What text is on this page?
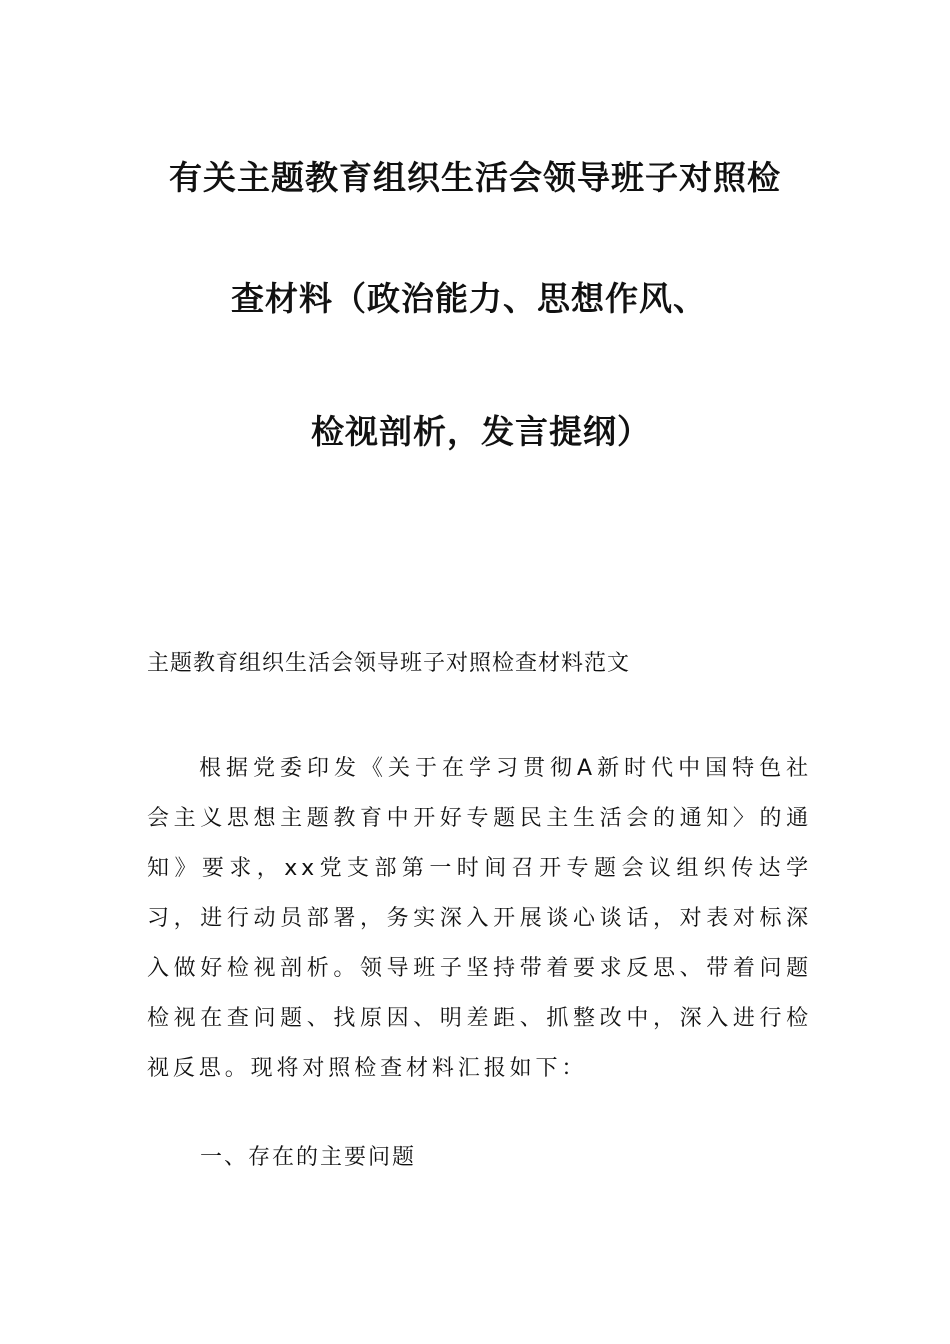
有关主题教育组织生活会领导班子对照检
查材料（政治能力、思想作风、
检视剖析，发言提纲）
主题教育组织生活会领导班子对照检查材料范文
根据党委印发《关于在学习贯彻A新时代中国特色社会主义思想主题教育中开好专题民主生活会的通知〉的通知》要求，xx党支部第一时间召开专题会议组织传达学习，进行动员部署，务实深入开展谈心谈话，对表对标深入做好检视剖析。领导班子坚持带着要求反思、带着问题检视在查问题、找原因、明差距、抓整改中，深入进行检视反思。现将对照检查材料汇报如下：
一、存在的主要问题
